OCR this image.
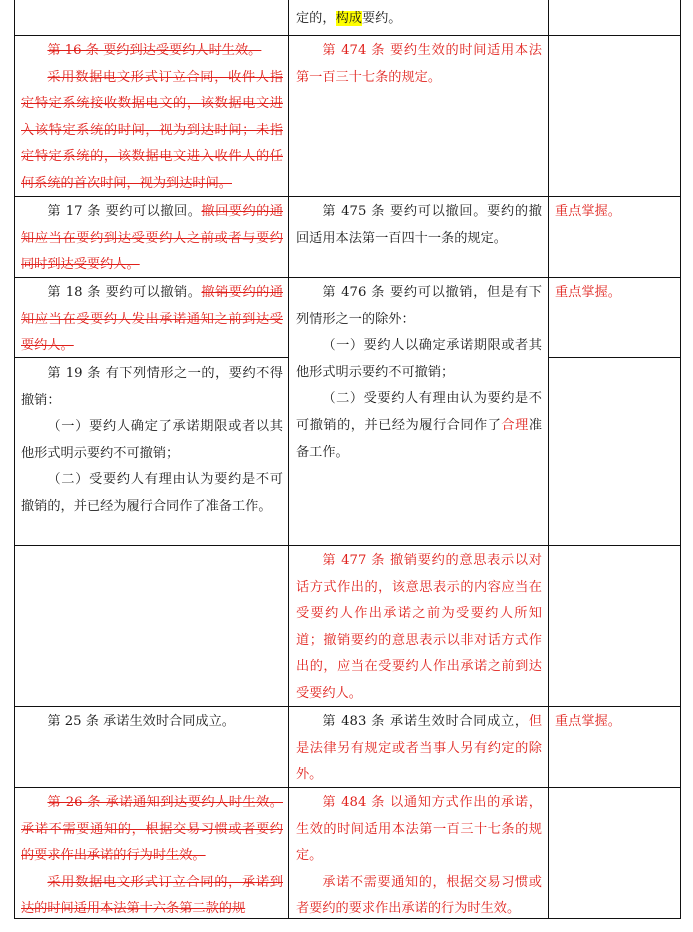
定的，构成要约。

第 16 条 要约到达受要约人时生效。

采用数据电文形式订立合同，收件人指定特定系统接收数据电文的，该数据电文进入该特定系统的时间，视为到达时间；未指定特定系统的，该数据电文进入收件人的任何系统的首次时间，视为到达时间。

第 474 条 要约生效的时间适用本法第一百三十七条的规定。

第 17 条 要约可以撤回。撤回要约的通知应当在要约到达受要约人之前或者与要约同时到达受要约人。

第 475 条 要约可以撤回。要约的撤回适用本法第一百四十一条的规定。

重点掌握。

第 18 条 要约可以撤销。撤销要约的通知应当在受要约人发出承诺通知之前到达受要约人。

第 19 条 有下列情形之一的，要约不得撤销：

（一）要约人确定了承诺期限或者以其他形式明示要约不可撤销；

（二）受要约人有理由认为要约是不可撤销的，并已经为履行合同作了准备工作。

第 476 条 要约可以撤销，但是有下列情形之一的除外：

（一）要约人以确定承诺期限或者其他形式明示要约不可撤销；

（二）受要约人有理由认为要约是不可撤销的，并已经为履行合同作了合理准备工作。

重点掌握。

第 477 条 撤销要约的意思表示以对话方式作出的，该意思表示的内容应当在受要约人作出承诺之前为受要约人所知道；撤销要约的意思表示以非对话方式作出的，应当在受要约人作出承诺之前到达受要约人。

第 25 条 承诺生效时合同成立。	第 483 条 承诺生效时合同成立，但是法律另有规定或者当事人另有约定的除外。

重点掌握。

第 26 条 承诺通知到达要约人时生效。承诺不需要通知的，根据交易习惯或者要约的要求作出承诺的行为时生效。

采用数据电文形式订立合同的，承诺到达的时间适用本法第十六条第二款的规

第 484 条 以通知方式作出的承诺，生效的时间适用本法第一百三十七条的规定。

承诺不需要通知的，根据交易习惯或者要约的要求作出承诺的行为时生效。
